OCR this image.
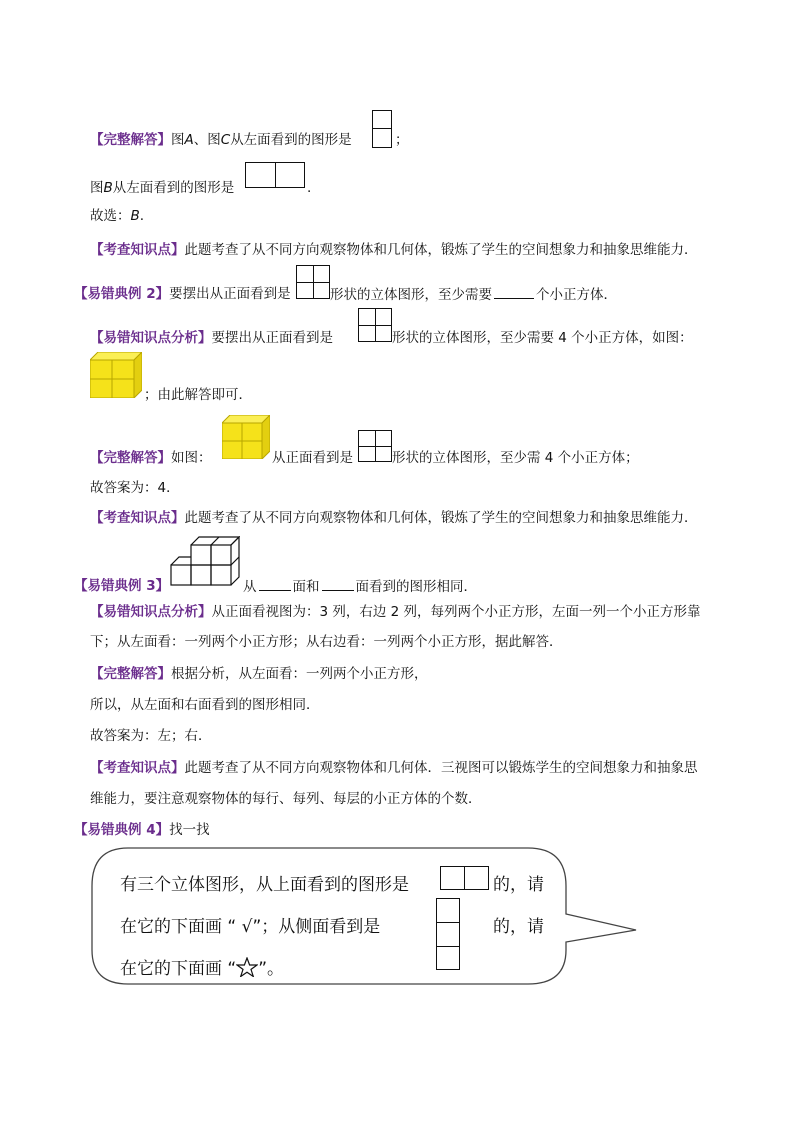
【完整解答】图A、图C从左面看到的图形是	；
图B从左面看到的图形是	.
故选：B.
【考查知识点】此题考查了从不同方向观察物体和几何体，锻炼了学生的空间想象力和抽象思维能力．
【易错典例 2】要摆出从正面看到是	形状的立体图形，至少需要	个小正方体．
【易错知识点分析】要摆出从正面看到是	形状的立体图形，至少需要 4 个小正方体，如图：
；由此解答即可．
【完整解答】如图：	从正面看到是	形状的立体图形，至少需 4 个小正方体；
故答案为：4．
【考查知识点】此题考查了从不同方向观察物体和几何体，锻炼了学生的空间想象力和抽象思维能力．
【易错典例 3】	从	面和	面看到的图形相同．
【易错知识点分析】从正面看视图为：3 列，右边 2 列，每列两个小正方形，左面一列一个小正方形靠
下；从左面看：一列两个小正方形；从右边看：一列两个小正方形，据此解答．
【完整解答】根据分析，从左面看：一列两个小正方形，
所以，从左面和右面看到的图形相同．
故答案为：左；右．
【考查知识点】此题考查了从不同方向观察物体和几何体．三视图可以锻炼学生的空间想象力和抽象思
维能力，要注意观察物体的每行、每列、每层的小正方体的个数．
【易错典例 4】找一找
有三个立体图形，从上面看到的图形是	的，请
在它的下面画 “ √”；从侧面看到是	的，请
在它的下面画 “ ”。
